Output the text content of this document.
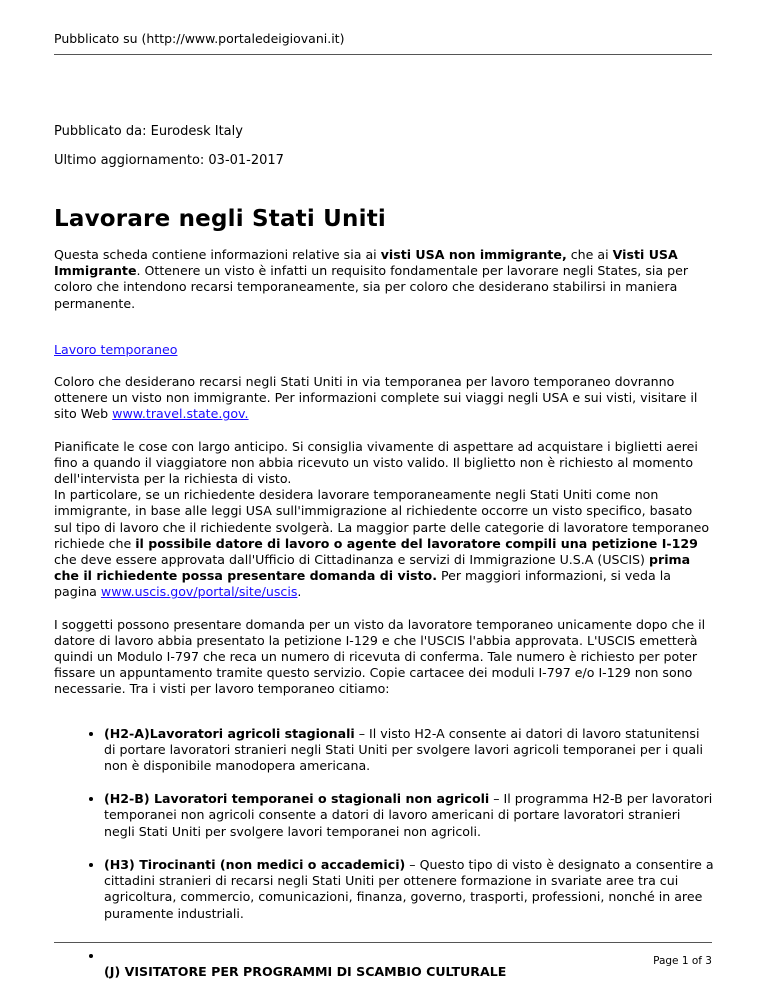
Pubblicato su (http://www.portaledeigiovani.it)
Pubblicato da: Eurodesk Italy
Ultimo aggiornamento: 03-01-2017
Lavorare negli Stati Uniti

Questa scheda contiene informazioni relative sia ai visti USA non immigrante, che ai Visti USA Immigrante. Ottenere un visto è infatti un requisito fondamentale per lavorare negli States, sia per coloro che intendono recarsi temporaneamente, sia per coloro che desiderano stabilirsi in maniera permanente.

Lavoro temporaneo

Coloro che desiderano recarsi negli Stati Uniti in via temporanea per lavoro temporaneo dovranno ottenere un visto non immigrante. Per informazioni complete sui viaggi negli USA e sui visti, visitare il sito Web www.travel.state.gov.

Pianificate le cose con largo anticipo. Si consiglia vivamente di aspettare ad acquistare i biglietti aerei fino a quando il viaggiatore non abbia ricevuto un visto valido. Il biglietto non è richiesto al momento dell'intervista per la richiesta di visto.
In particolare, se un richiedente desidera lavorare temporaneamente negli Stati Uniti come non immigrante, in base alle leggi USA sull'immigrazione al richiedente occorre un visto specifico, basato sul tipo di lavoro che il richiedente svolgerà. La maggior parte delle categorie di lavoratore temporaneo richiede che il possibile datore di lavoro o agente del lavoratore compili una petizione I-129 che deve essere approvata dall'Ufficio di Cittadinanza e servizi di Immigrazione U.S.A (USCIS) prima che il richiedente possa presentare domanda di visto. Per maggiori informazioni, si veda la pagina www.uscis.gov/portal/site/uscis.

I soggetti possono presentare domanda per un visto da lavoratore temporaneo unicamente dopo che il datore di lavoro abbia presentato la petizione I-129 e che l'USCIS l'abbia approvata. L'USCIS emetterà quindi un Modulo I-797 che reca un numero di ricevuta di conferma. Tale numero è richiesto per poter fissare un appuntamento tramite questo servizio. Copie cartacee dei moduli I-797 e/o I-129 non sono necessarie. Tra i visti per lavoro temporaneo citiamo:

• (H2-A)Lavoratori agricoli stagionali – Il visto H2-A consente ai datori di lavoro statunitensi di portare lavoratori stranieri negli Stati Uniti per svolgere lavori agricoli temporanei per i quali non è disponibile manodopera americana.
• (H2-B) Lavoratori temporanei o stagionali non agricoli – Il programma H2-B per lavoratori temporanei non agricoli consente a datori di lavoro americani di portare lavoratori stranieri negli Stati Uniti per svolgere lavori temporanei non agricoli.
• (H3) Tirocinanti (non medici o accademici) – Questo tipo di visto è designato a consentire a cittadini stranieri di recarsi negli Stati Uniti per ottenere formazione in svariate aree tra cui agricoltura, commercio, comunicazioni, finanza, governo, trasporti, professioni, nonché in aree puramente industriali.

• (J) VISITATORE PER PROGRAMMI DI SCAMBIO CULTURALE
Page 1 of 3
